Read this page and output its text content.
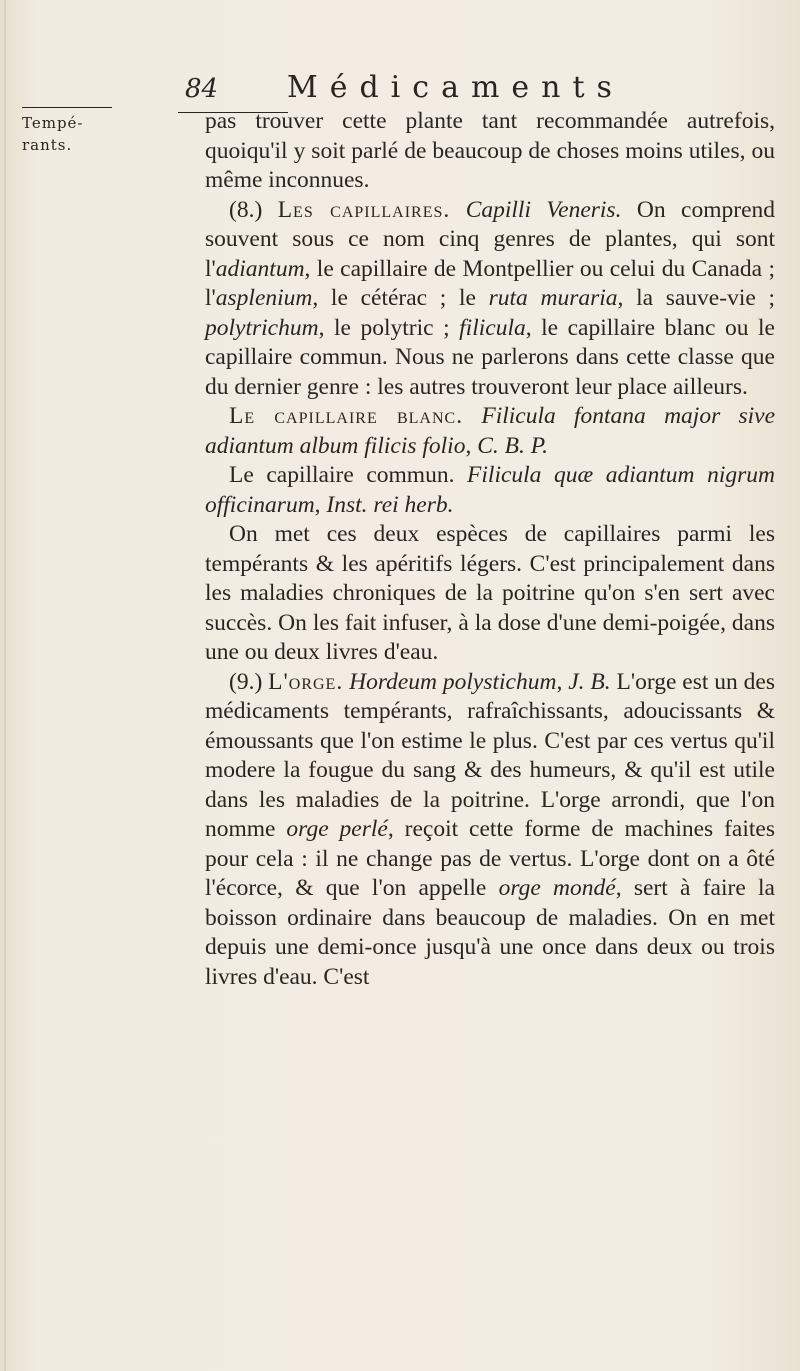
84 Médicaments
Tempé-rants.

pas trouver cette plante tant recommandée autrefois, quoiqu'il y soit parlé de beaucoup de choses moins utiles, ou même inconnues.

(8.) Les capillaires. Capilli Veneris. On comprend souvent sous ce nom cinq genres de plantes, qui sont l'adiantum, le capillaire de Montpellier ou celui du Canada ; l'asplenium, le cétérac ; le ruta muraria, la sauve-vie ; polytrichum, le polytric ; filicula, le capillaire blanc ou le capillaire commun. Nous ne parlerons dans cette classe que du dernier genre : les autres trouveront leur place ailleurs.

Le capillaire blanc. Filicula fontana major sive adiantum album filicis folio, C. B. P.

Le capillaire commun. Filicula quæ adiantum nigrum officinarum, Inst. rei herb.

On met ces deux espèces de capillaires parmi les tempérants & les apéritifs légers. C'est principalement dans les maladies chroniques de la poitrine qu'on s'en sert avec succès. On les fait infuser, à la dose d'une demi-poigée, dans une ou deux livres d'eau.

(9.) L'orge. Hordeum polystichum, J. B. L'orge est un des médicaments tempérants, rafraîchissants, adoucissants & émoussants que l'on estime le plus. C'est par ces vertus qu'il modere la fougue du sang & des humeurs, & qu'il est utile dans les maladies de la poitrine. L'orge arrondi, que l'on nomme orge perlé, reçoit cette forme de machines faites pour cela : il ne change pas de vertus. L'orge dont on a ôté l'écorce, & que l'on appelle orge mondé, sert à faire la boisson ordinaire dans beaucoup de maladies. On en met depuis une demi-once jusqu'à une once dans deux ou trois livres d'eau. C'est
